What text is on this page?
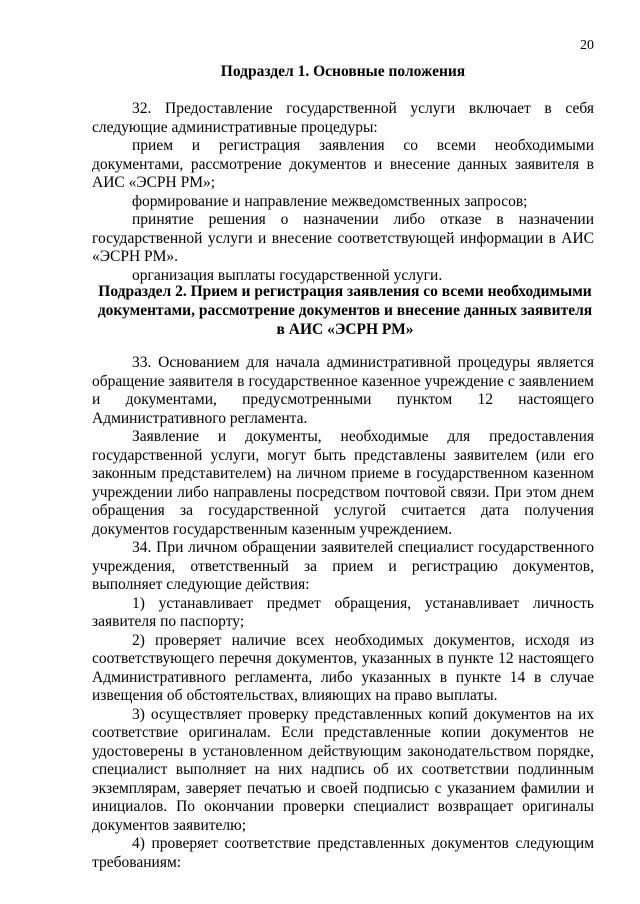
20
Подраздел 1. Основные положения

32. Предоставление государственной услуги включает в себя следующие административные процедуры:

прием и регистрация заявления со всеми необходимыми документами, рассмотрение документов и внесение данных заявителя в АИС «ЭСРН РМ»;

формирование и направление межведомственных запросов;

принятие решения о назначении либо отказе в назначении государственной услуги и внесение соответствующей информации в АИС «ЭСРН РМ».

организация выплаты государственной услуги.

Подраздел 2. Прием и регистрация заявления со всеми необходимыми документами, рассмотрение документов и внесение данных заявителя в АИС «ЭСРН РМ»

33. Основанием для начала административной процедуры является обращение заявителя в государственное казенное учреждение с заявлением и документами, предусмотренными пунктом 12 настоящего Административного регламента.

Заявление и документы, необходимые для предоставления государственной услуги, могут быть представлены заявителем (или его законным представителем) на личном приеме в государственном казенном учреждении либо направлены посредством почтовой связи. При этом днем обращения за государственной услугой считается дата получения документов государственным казенным учреждением.

34. При личном обращении заявителей специалист государственного учреждения, ответственный за прием и регистрацию документов, выполняет следующие действия:

1) устанавливает предмет обращения, устанавливает личность заявителя по паспорту;

2) проверяет наличие всех необходимых документов, исходя из соответствующего перечня документов, указанных в пункте 12 настоящего Административного регламента, либо указанных в пункте 14 в случае извещения об обстоятельствах, влияющих на право выплаты.

3) осуществляет проверку представленных копий документов на их соответствие оригиналам. Если представленные копии документов не удостоверены в установленном действующим законодательством порядке, специалист выполняет на них надпись об их соответствии подлинным экземплярам, заверяет печатью и своей подписью с указанием фамилии и инициалов. По окончании проверки специалист возвращает оригиналы документов заявителю;

4) проверяет соответствие представленных документов следующим требованиям:
